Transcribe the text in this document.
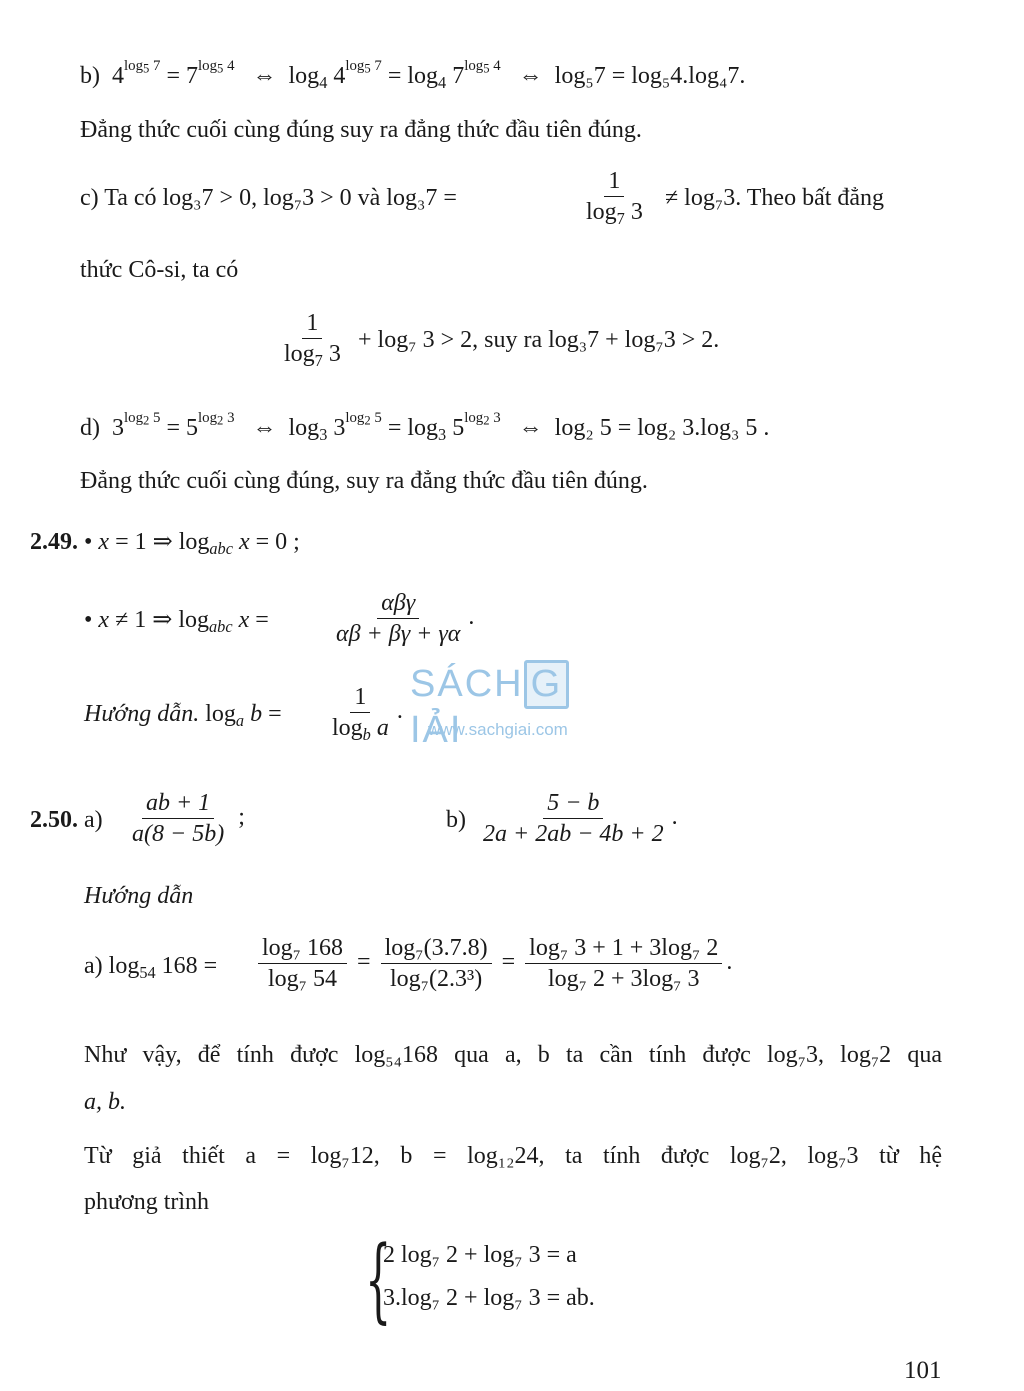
b)  $4^{log_5 7} = 7^{log_5 4}$   ⇔  $\log_4 4^{log_5 7} = \log_4 7^{log_5 4}$   ⇔  log₅7 = log₅4.log₄7.
Đẳng thức cuối cùng đúng suy ra đẳng thức đầu tiên đúng.
c) Ta có log₃7 > 0, log₇3 > 0 và log₃7 =	$\frac{1}{\log_7 3} \ne \log_73$. Theo bất đẳng
thức Cô-si, ta có
$\frac{1}{\log_7 3} + \log_7$ 3 > 2, suy ra log₃7 + log₇3 > 2.
d)  $3^{log_2 5} = 5^{log_2 3}$   ⇔  $\log_3 3^{log_2 5} = \log_3 5^{log_2 3}$   ⇔  log₂ 5 = log₂ 3.log₃ 5 .
Đẳng thức cuối cùng đúng, suy ra đẳng thức đầu tiên đúng.
2.49. • x = 1 ⇒ $\log_{abc} x = 0$ ;
• x ≠ 1 ⇒ $\log_{abc} x$ =	$\frac{\text{αβγ}}{\alpha\beta + \beta\gamma + \gamma\alpha}$ .
SÁCH GIẢI
www.sachgiai.com
Hướng dẫn. $\log_a b = \frac{1}{\log_b a}$ .
2.50. $a) \frac{ab + 1}{a(8 - 5b)}$ ;	$b) \frac{5 - b}{2a + 2ab - 4b + 2}$ .
Hướng dẫn
a) $\log_{54} 168 = \frac{\text{log₇ 168}}{\text{log₇ 54}} = \frac{\text{log₇(3.7.8)}}{\text{log₇(2.3³)}} = \frac{\text{log₇ 3 + 1 + 3log₇ 2}}{\text{log₇ 2 + 3log₇ 3}}$ .
Như vậy, để tính được log₅₄168 qua a, b ta cần tính được log₇3, log₇2 qua
a, b.
Từ giả thiết a = log₇12, b = log₁₂24, ta tính được log₇2, log₇3 từ hệ
phương trình
{
2 log₇ 2 + log₇ 3 = a
3.log₇ 2 + log₇ 3 = ab.
101
